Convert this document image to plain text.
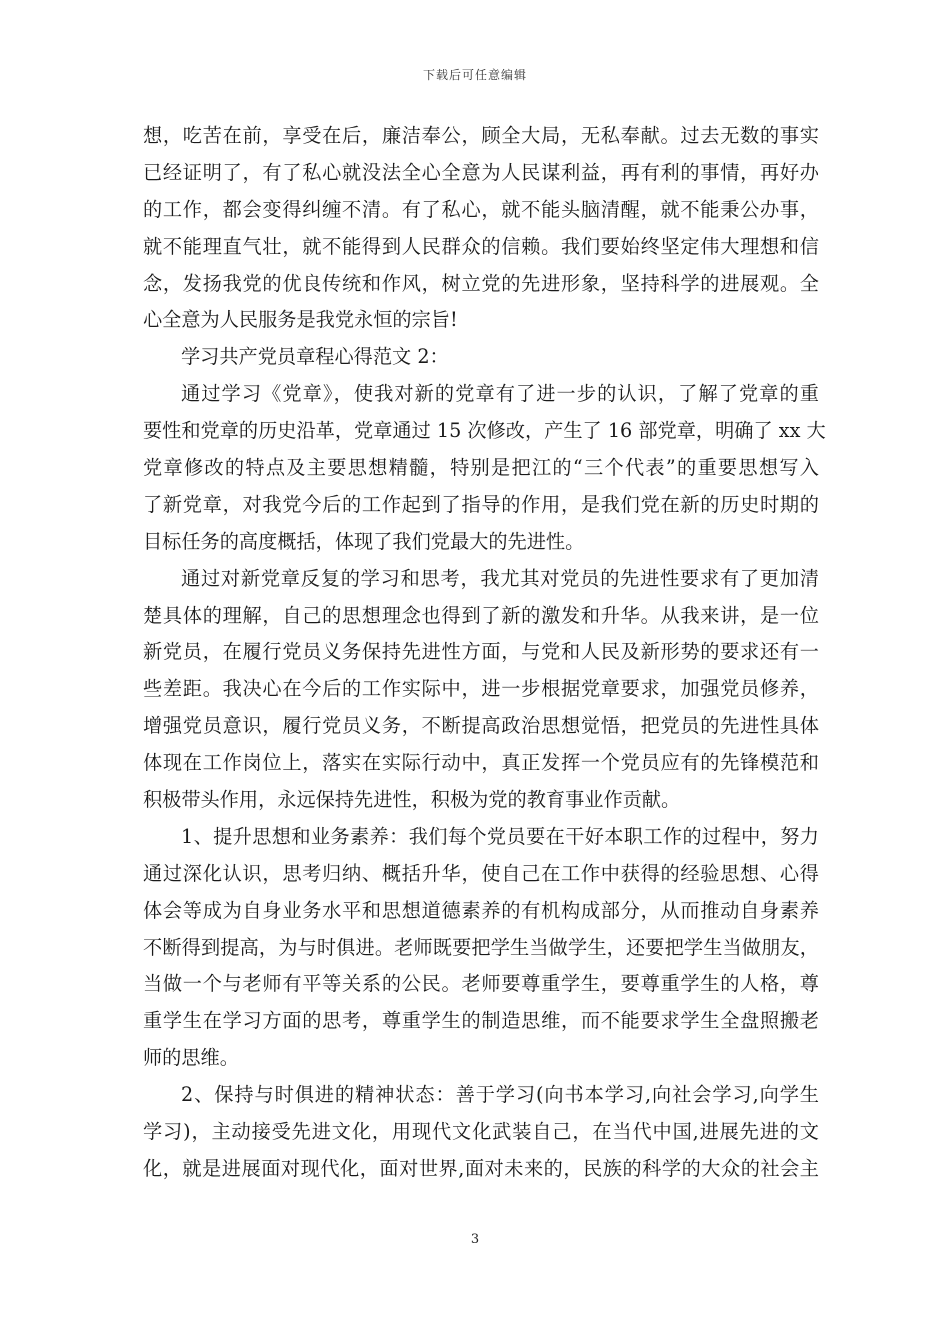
下载后可任意编辑
想，吃苦在前，享受在后，廉洁奉公，顾全大局，无私奉献。过去无数的事实
已经证明了，有了私心就没法全心全意为人民谋利益，再有利的事情，再好办
的工作，都会变得纠缠不清。有了私心，就不能头脑清醒，就不能秉公办事，
就不能理直气壮，就不能得到人民群众的信赖。我们要始终坚定伟大理想和信
念，发扬我党的优良传统和作风，树立党的先进形象，坚持科学的进展观。全
心全意为人民服务是我党永恒的宗旨!
学习共产党员章程心得范文 2：
通过学习《党章》，使我对新的党章有了进一步的认识，了解了党章的重
要性和党章的历史沿革，党章通过 15 次修改，产生了 16 部党章，明确了 xx 大
党章修改的特点及主要思想精髓，特别是把江的“三个代表”的重要思想写入
了新党章，对我党今后的工作起到了指导的作用，是我们党在新的历史时期的
目标任务的高度概括，体现了我们党最大的先进性。
通过对新党章反复的学习和思考，我尤其对党员的先进性要求有了更加清
楚具体的理解，自己的思想理念也得到了新的激发和升华。从我来讲，是一位
新党员，在履行党员义务保持先进性方面，与党和人民及新形势的要求还有一
些差距。我决心在今后的工作实际中，进一步根据党章要求，加强党员修养，
增强党员意识，履行党员义务，不断提高政治思想觉悟，把党员的先进性具体
体现在工作岗位上，落实在实际行动中，真正发挥一个党员应有的先锋模范和
积极带头作用，永远保持先进性，积极为党的教育事业作贡献。
1、提升思想和业务素养：我们每个党员要在干好本职工作的过程中，努力
通过深化认识，思考归纳、概括升华，使自己在工作中获得的经验思想、心得
体会等成为自身业务水平和思想道德素养的有机构成部分，从而推动自身素养
不断得到提高，为与时俱进。老师既要把学生当做学生，还要把学生当做朋友，
当做一个与老师有平等关系的公民。老师要尊重学生，要尊重学生的人格，尊
重学生在学习方面的思考，尊重学生的制造思维，而不能要求学生全盘照搬老
师的思维。
2、保持与时俱进的精神状态：善于学习(向书本学习,向社会学习,向学生
学习)，主动接受先进文化，用现代文化武装自己，在当代中国,进展先进的文
化，就是进展面对现代化，面对世界,面对未来的，民族的科学的大众的社会主
3
